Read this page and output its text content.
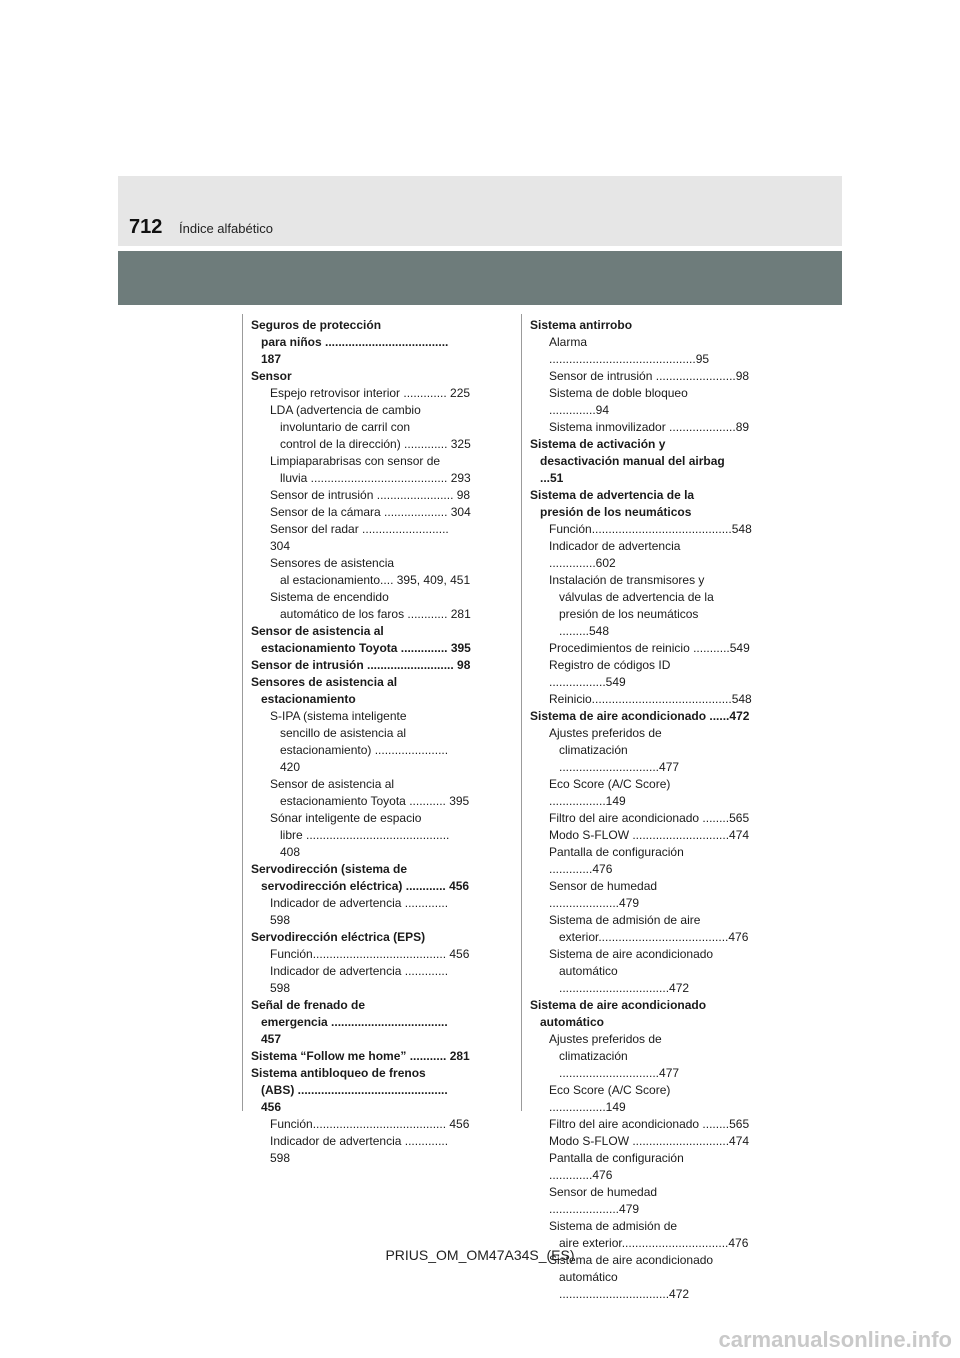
712 Índice alfabético
Seguros de protección
para niños ..................................... 187
Sensor
Espejo retrovisor interior ............. 225
LDA (advertencia de cambio
involuntario de carril con
control de la dirección) ............. 325
Limpiaparabrisas con sensor de
lluvia ......................................... 293
Sensor de intrusión ....................... 98
Sensor de la cámara ................... 304
Sensor del radar .......................... 304
Sensores de asistencia
al estacionamiento.... 395, 409, 451
Sistema de encendido
automático de los faros ............ 281
Sensor de asistencia al
estacionamiento Toyota .............. 395
Sensor de intrusión .......................... 98
Sensores de asistencia al
estacionamiento
S-IPA (sistema inteligente
sencillo de asistencia al
estacionamiento) ...................... 420
Sensor de asistencia al
estacionamiento Toyota ........... 395
Sónar inteligente de espacio
libre ........................................... 408
Servodirección (sistema de
servodirección eléctrica) ............ 456
Indicador de advertencia ............. 598
Servodirección eléctrica (EPS)
Función........................................ 456
Indicador de advertencia ............. 598
Señal de frenado de
emergencia ................................... 457
Sistema “Follow me home” ........... 281
Sistema antibloqueo de frenos
(ABS) ............................................. 456
Función........................................ 456
Indicador de advertencia ............. 598
Sistema antirrobo
Alarma ............................................95
Sensor de intrusión ........................98
Sistema de doble bloqueo ..............94
Sistema inmovilizador ....................89
Sistema de activación y
desactivación manual del airbag ...51
Sistema de advertencia de la
presión de los neumáticos
Función..........................................548
Indicador de advertencia ..............602
Instalación de transmisores y
válvulas de advertencia de la
presión de los neumáticos .........548
Procedimientos de reinicio ...........549
Registro de códigos ID .................549
Reinicio..........................................548
Sistema de aire acondicionado ......472
Ajustes preferidos de
climatización ..............................477
Eco Score (A/C Score) .................149
Filtro del aire acondicionado ........565
Modo S-FLOW .............................474
Pantalla de configuración .............476
Sensor de humedad .....................479
Sistema de admisión de aire
exterior.......................................476
Sistema de aire acondicionado
automático .................................472
Sistema de aire acondicionado
automático
Ajustes preferidos de
climatización ..............................477
Eco Score (A/C Score) .................149
Filtro del aire acondicionado ........565
Modo S-FLOW .............................474
Pantalla de configuración .............476
Sensor de humedad .....................479
Sistema de admisión de
aire exterior................................476
Sistema de aire acondicionado
automático .................................472
PRIUS_OM_OM47A34S_(ES)
carmanualsonline.info
